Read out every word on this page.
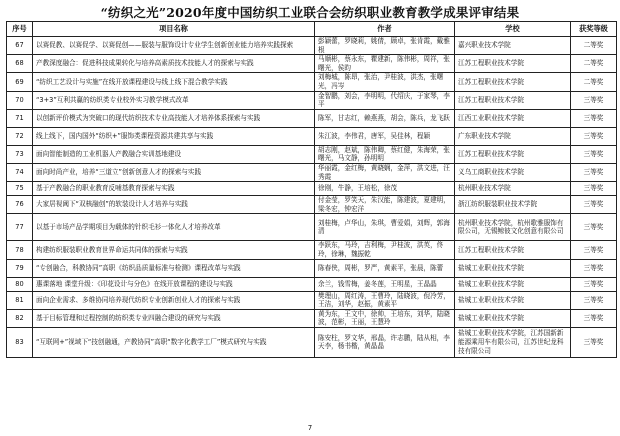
“纺织之光”2020年度中国纺织工业联合会纺织职业教育教学成果评审结果
序号	项目名称	作者	学校	获奖等级
67	以赛促教、以赛促学、以赛促创——服装与服饰设计专业学生创新创业能力培养实践探索	彭颖蕾，罗晓莉，姚倩，顾卓，张肯霞，戴雅根	嘉兴职业技术学院	二等奖
68	产教深度融合：促进科技成果转化与培养高素质技术技能人才的探索与实践	马顺彬，蔡永东，瞿建新，陈伟彬，周祥，张曙光，侯昀	江苏工程职业技术学院	二等奖
69	“纺织工艺设计与实施”在线开放课程建设与线上线下混合教学实践	刘梅城，陈昂，张治，尹桂波，洪杰，张曙光，冯岑	江苏工程职业技术学院	二等奖
70	“3+3”互利共赢的纺织类专业校外实习教学模式改革	金智鹏，刘会，李明明，代绍庆，于家琴，李平	江苏工程职业技术学院	三等奖
71	以创新评价模式为突破口的现代纺织技术专业高技能人才培养体系探索与实践	陈军，甘志红，赖燕燕，胡会，陈兵，龙飞跃	江西工业职业技术学院	三等奖
72	线上线下，国内国外“纺织+”服饰类课程资源共建共享与实践	朱江波，李伟君，唐军，吴佳林，程颖	广东职业技术学院	三等奖
73	面向智能制造的工业机器人产教融合实训基地建设	胡志刚，赵斌，陈伟卿，蔡红健，朱海荣，张曙光，马文静，孙明明	江苏工程职业技术学院	三等奖
74	面向时尚产业，培养“三道立”创新创意人才的探索与实践	华丽霞，金红梅，黄晓娴，金萍，洪文进，汪秀霞	义乌工商职业技术学院	三等奖
75	基于产教融合的职业教育反哺基教育探索与实践	徐刚，牛静，王培松，徐茂	杭州职业技术学院	三等奖
76	大家居视阈下“双核融创”的软装设计人才培养与实践	付金莹，罗笑天，朱汉能，陈建波，夏建明，梁冬宏，钟宏洋	浙江纺织服装职业技术学院	三等奖
77	以基于市场产品学期项目为载体的针织毛衫一体化人才培养改革	刘桂梅，卢华山，朱琪，曹爱娟，刘辉，郭海清	杭州职业技术学院，杭州歌雅服饰有限公司，无锡鲸彼文化创意有限公司	三等奖
78	构建纺织服装职业教育世界命运共同体的探索与实践	李跃东，马玲，吉利梅，尹桂波，洪英，佟玲，徐琳，魏振乾	江苏工程职业技术学院	三等奖
79	“专创融合，科教协同”高职《纺织品质量标准与检测》课程改革与实践	陈春侠，周彬，罗严，黄素平，张晨，陈蕾	盐城工业职业技术学院	三等奖
80	惠课落地 课堂升级：《印花设计与分色》在线开放课程的建设与实践	余兰，钱雪梅，姜冬莲，王明星，王晶晶	盐城工业职业技术学院	三等奖
81	面向企业需求、多维协同培养现代纺织专业创新创业人才的探索与实践	樊理山，周红涛，王曹玲，陆晓波，倪冷芳，王洁，刘华，赵振，黄素平	盐城工业职业技术学院	三等奖
82	基于目标管理和过程控制的纺织类专业四融合建设的研究与实践	黄为东，王文中，徐帅，王培东，刘华，陆晓波，范彬，王丽，王慧玲	盐城工业职业技术学院	三等奖
83	“互联网+”视域下“技创融通，产教协同”高职“数字化教学工厂”模式研究与实践	陈安柱，罗文华，邢晶，许志鹏，陆从相，李天李，杨书楷，黄晶晶	盐城工业职业技术学院，江苏国新新能源乘用车有限公司，江苏世纪龙科技有限公司	三等奖
7
